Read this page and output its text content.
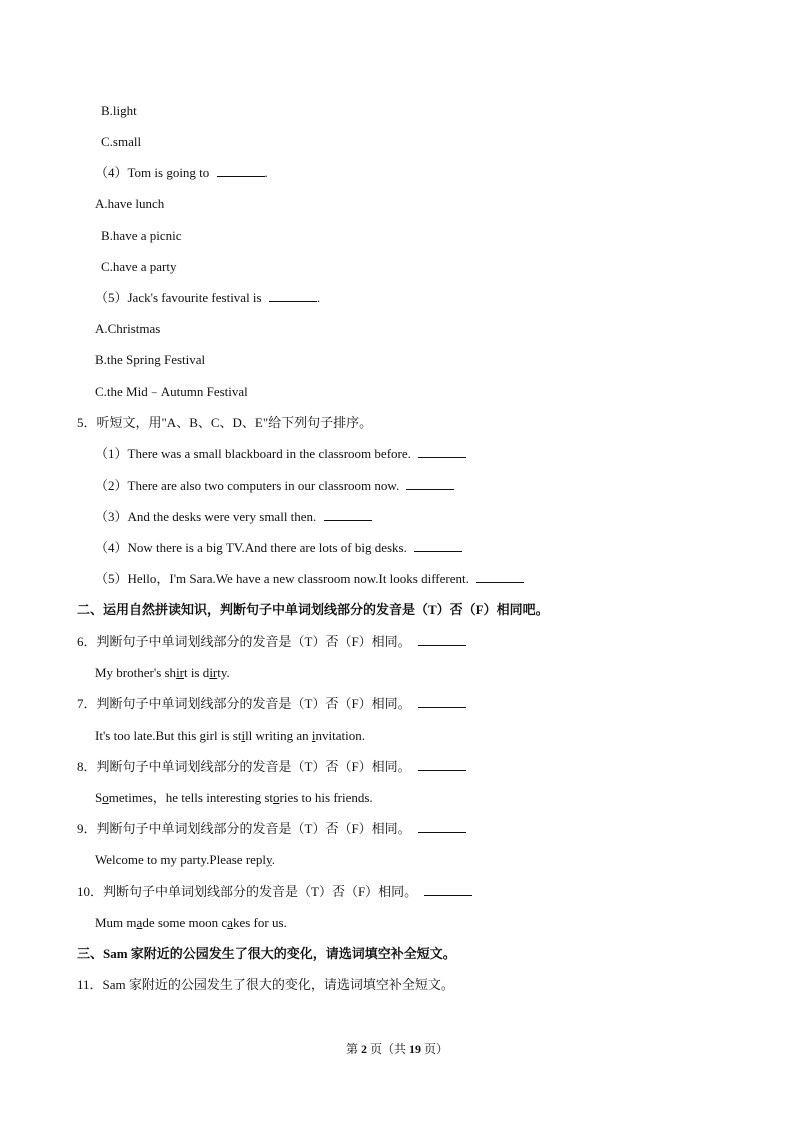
B.light
C.small
（4）Tom is going to	.
A.have lunch
B.have a picnic
C.have a party
（5）Jack's favourite festival is	.
A.Christmas
B.the Spring Festival
C.the Mid﹣Autumn Festival
5．听短文，用"A、B、C、D、E"给下列句子排序。
（1）There was a small blackboard in the classroom before.
（2）There are also two computers in our classroom now.
（3）And the desks were very small then.
（4）Now there is a big TV.And there are lots of big desks.
（5）Hello，I'm Sara.We have a new classroom now.It looks different.
二、运用自然拼读知识，判断句子中单词划线部分的发音是（T）否（F）相同吧。
6．判断句子中单词划线部分的发音是（T）否（F）相同。
My brother's shirt is dirty.
7．判断句子中单词划线部分的发音是（T）否（F）相同。
It's too late.But this girl is still writing an invitation.
8．判断句子中单词划线部分的发音是（T）否（F）相同。
Sometimes，he tells interesting stories to his friends.
9．判断句子中单词划线部分的发音是（T）否（F）相同。
Welcome to my party.Please reply.
10．判断句子中单词划线部分的发音是（T）否（F）相同。
Mum made some moon cakes for us.
三、Sam 家附近的公园发生了很大的变化，请选词填空补全短文。
11．Sam 家附近的公园发生了很大的变化，请选词填空补全短文。
第 2 页（共 19 页）
